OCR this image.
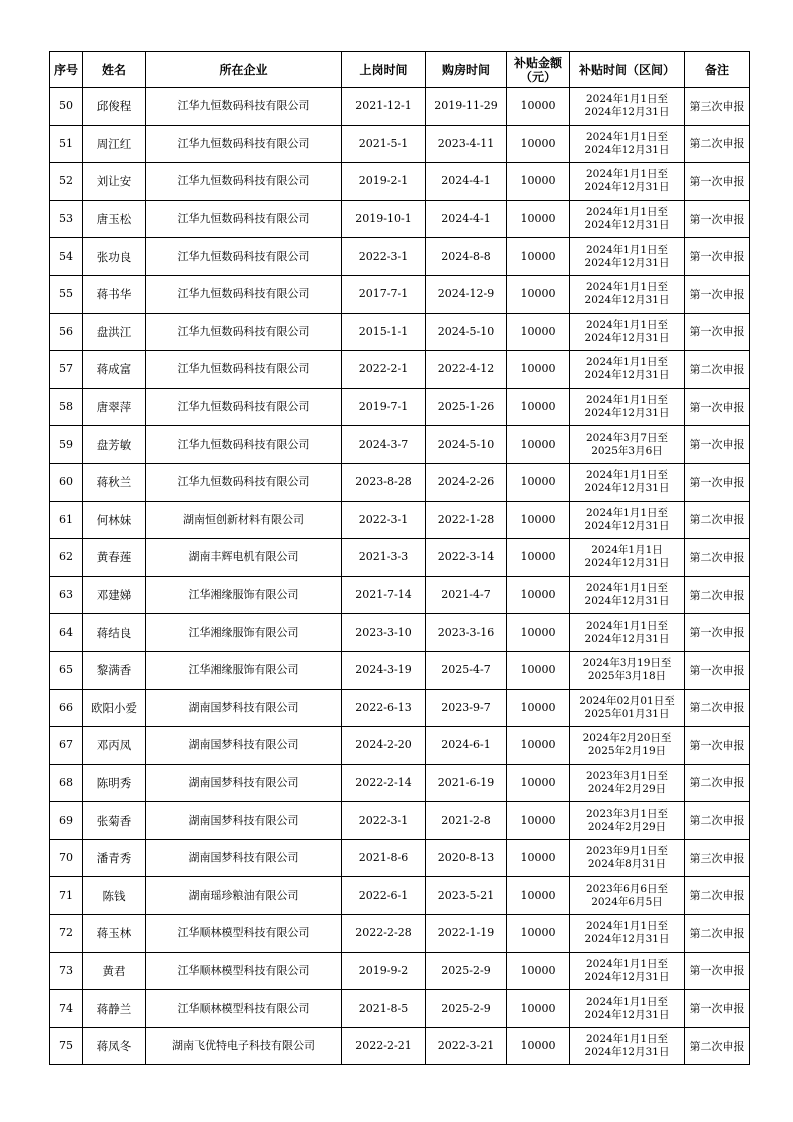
序号	姓名	所在企业	上岗时间	购房时间	补贴金额（元）	补贴时间（区间）	备注
50	邱俊程	江华九恒数码科技有限公司	2021-12-1	2019-11-29	10000	2024年1月1日至
2024年12月31日	第三次申报
51	周江红	江华九恒数码科技有限公司	2021-5-1	2023-4-11	10000	2024年1月1日至
2024年12月31日	第二次申报
52	刘让安	江华九恒数码科技有限公司	2019-2-1	2024-4-1	10000	2024年1月1日至
2024年12月31日	第一次申报
53	唐玉松	江华九恒数码科技有限公司	2019-10-1	2024-4-1	10000	2024年1月1日至
2024年12月31日	第一次申报
54	张功良	江华九恒数码科技有限公司	2022-3-1	2024-8-8	10000	2024年1月1日至
2024年12月31日	第一次申报
55	蒋书华	江华九恒数码科技有限公司	2017-7-1	2024-12-9	10000	2024年1月1日至
2024年12月31日	第一次申报
56	盘洪江	江华九恒数码科技有限公司	2015-1-1	2024-5-10	10000	2024年1月1日至
2024年12月31日	第一次申报
57	蒋成富	江华九恒数码科技有限公司	2022-2-1	2022-4-12	10000	2024年1月1日至
2024年12月31日	第二次申报
58	唐翠萍	江华九恒数码科技有限公司	2019-7-1	2025-1-26	10000	2024年1月1日至
2024年12月31日	第一次申报
59	盘芳敏	江华九恒数码科技有限公司	2024-3-7	2024-5-10	10000	2024年3月7日至
2025年3月6日	第一次申报
60	蒋秋兰	江华九恒数码科技有限公司	2023-8-28	2024-2-26	10000	2024年1月1日至
2024年12月31日	第一次申报
61	何林妹	湖南恒创新材料有限公司	2022-3-1	2022-1-28	10000	2024年1月1日至
2024年12月31日	第二次申报
62	黄春莲	湖南丰辉电机有限公司	2021-3-3	2022-3-14	10000	2024年1月1日
2024年12月31日	第二次申报
63	邓建娣	江华湘缘服饰有限公司	2021-7-14	2021-4-7	10000	2024年1月1日至
2024年12月31日	第二次申报
64	蒋结良	江华湘缘服饰有限公司	2023-3-10	2023-3-16	10000	2024年1月1日至
2024年12月31日	第一次申报
65	黎满香	江华湘缘服饰有限公司	2024-3-19	2025-4-7	10000	2024年3月19日至
2025年3月18日	第一次申报
66	欧阳小爱	湖南国梦科技有限公司	2022-6-13	2023-9-7	10000	2024年02月01日至
2025年01月31日	第二次申报
67	邓丙凤	湖南国梦科技有限公司	2024-2-20	2024-6-1	10000	2024年2月20日至
2025年2月19日	第一次申报
68	陈明秀	湖南国梦科技有限公司	2022-2-14	2021-6-19	10000	2023年3月1日至
2024年2月29日	第二次申报
69	张菊香	湖南国梦科技有限公司	2022-3-1	2021-2-8	10000	2023年3月1日至
2024年2月29日	第二次申报
70	潘青秀	湖南国梦科技有限公司	2021-8-6	2020-8-13	10000	2023年9月1日至
2024年8月31日	第三次申报
71	陈钱	湖南瑶珍粮油有限公司	2022-6-1	2023-5-21	10000	2023年6月6日至
2024年6月5日	第二次申报
72	蒋玉林	江华顺林模型科技有限公司	2022-2-28	2022-1-19	10000	2024年1月1日至
2024年12月31日	第二次申报
73	黄君	江华顺林模型科技有限公司	2019-9-2	2025-2-9	10000	2024年1月1日至
2024年12月31日	第一次申报
74	蒋静兰	江华顺林模型科技有限公司	2021-8-5	2025-2-9	10000	2024年1月1日至
2024年12月31日	第一次申报
75	蒋凤冬	湖南飞优特电子科技有限公司	2022-2-21	2022-3-21	10000	2024年1月1日至
2024年12月31日	第二次申报
